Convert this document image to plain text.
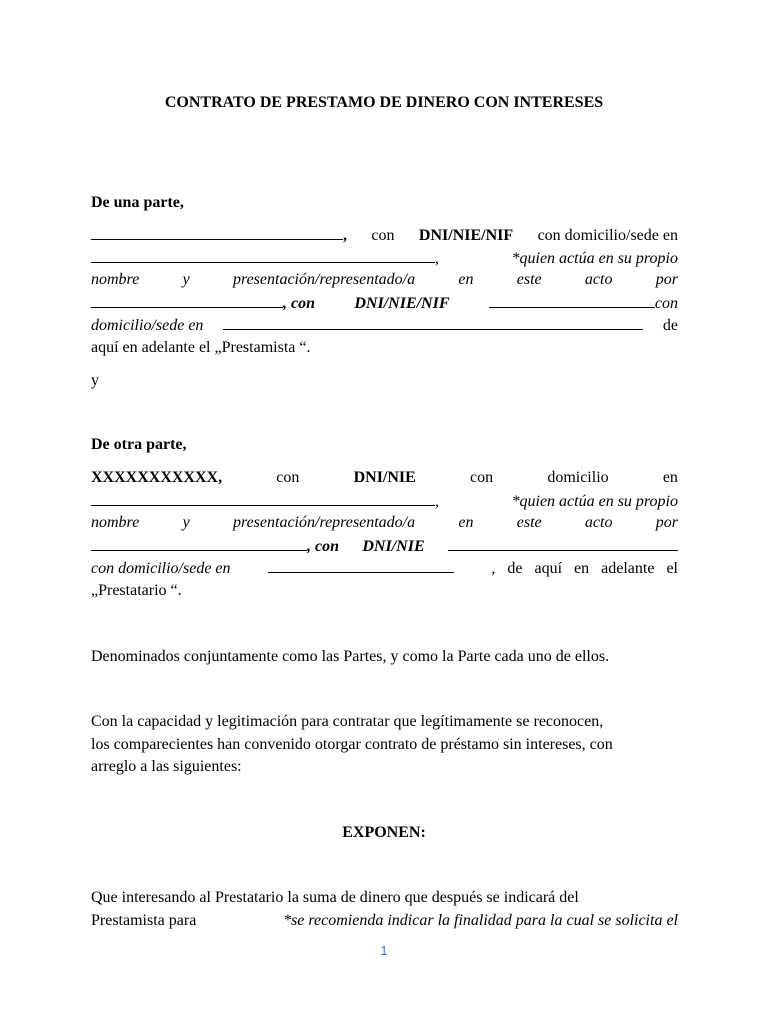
CONTRATO DE PRESTAMO DE DINERO CON INTERESES
De una parte,
, con DNI/NIE/NIF con domicilio/sede en
,	*quien actúa en su propio
nombre	y	presentación/representado/a	en	este	acto	por
, con DNI/NIE/NIF	con
domicilio/sede en	de
aquí en adelante el „Prestamista “.
y
De otra parte,
XXXXXXXXXXX,	con	DNI/NIE	con	domicilio	en
,	*quien actúa en su propio
nombre	y	presentación/representado/a	en	este	acto	por
, con DNI/NIE
con domicilio/sede en	, de aquí en adelante el
„Prestatario “.
Denominados conjuntamente como las Partes, y como la Parte cada uno de ellos.
Con la capacidad y legitimación para contratar que legítimamente se reconocen,
los comparecientes han convenido otorgar contrato de préstamo sin intereses, con
arreglo a las siguientes:
EXPONEN:
Que interesando al Prestatario la suma de dinero que después se indicará del
Prestamista para	*se recomienda indicar la finalidad para la cual se solicita el
1
